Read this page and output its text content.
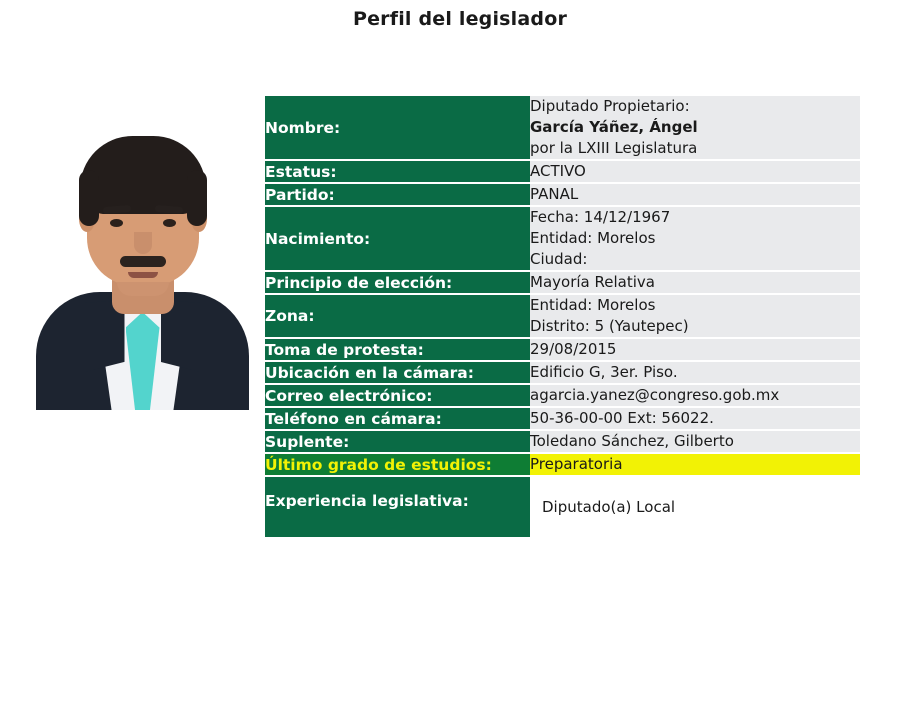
Perfil del legislador
Nombre:	Diputado Propietario:
García Yáñez, Ángel
por la LXIII Legislatura

Estatus:	ACTIVO

Partido:	PANAL

Nacimiento:	Fecha: 14/12/1967
Entidad: Morelos
Ciudad:

Principio de elección:	Mayoría Relativa

Zona:	Entidad: Morelos
Distrito: 5 (Yautepec)

Toma de protesta:	29/08/2015

Ubicación en la cámara:	Edificio G, 3er. Piso.

Correo electrónico:	agarcia.yanez@congreso.gob.mx

Teléfono en cámara:	50-36-00-00 Ext: 56022.

Suplente:	Toledano Sánchez, Gilberto

Último grado de estudios:	Preparatoria

Experiencia legislativa:	Diputado(a) Local
